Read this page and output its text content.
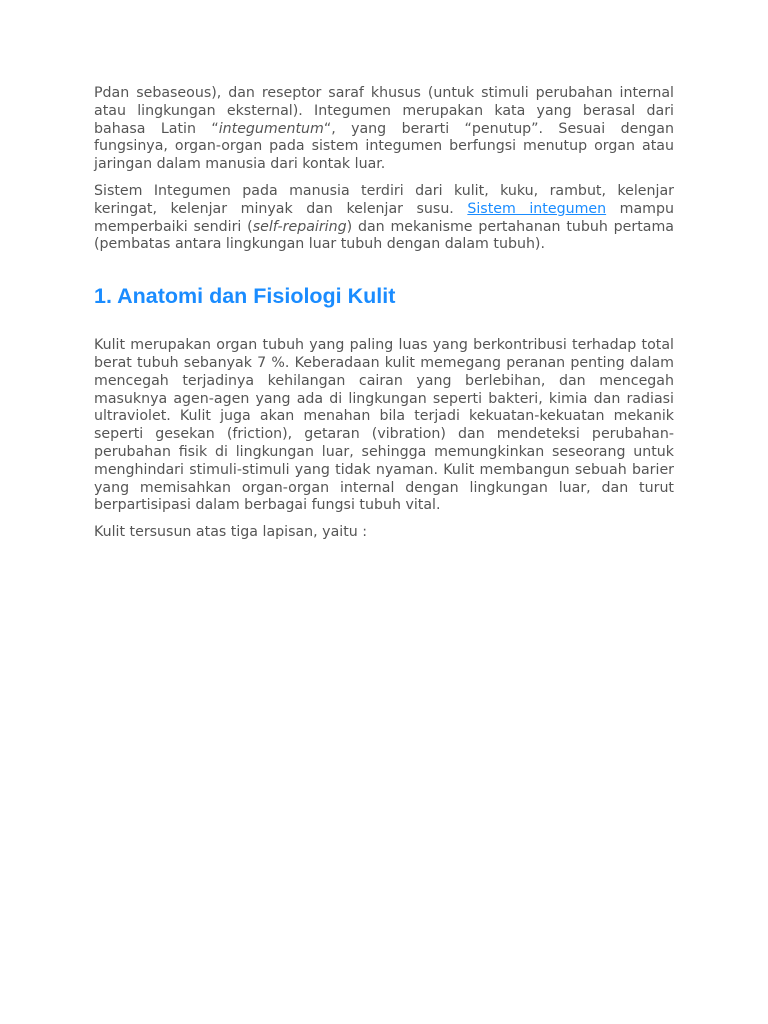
Pdan sebaseous), dan reseptor saraf khusus (untuk stimuli perubahan internal atau lingkungan eksternal). Integumen merupakan kata yang berasal dari bahasa Latin “integumentum“, yang berarti “penutup”. Sesuai dengan fungsinya, organ-organ pada sistem integumen berfungsi menutup organ atau jaringan dalam manusia dari kontak luar.

Sistem Integumen pada manusia terdiri dari kulit, kuku, rambut, kelenjar keringat, kelenjar minyak dan kelenjar susu. Sistem integumen mampu memperbaiki sendiri (self-repairing) dan mekanisme pertahanan tubuh pertama (pembatas antara lingkungan luar tubuh dengan dalam tubuh).

1. Anatomi dan Fisiologi Kulit

Kulit merupakan organ tubuh yang paling luas yang berkontribusi terhadap total berat tubuh sebanyak 7 %. Keberadaan kulit memegang peranan penting dalam mencegah terjadinya kehilangan cairan yang berlebihan, dan mencegah masuknya agen-agen yang ada di lingkungan seperti bakteri, kimia dan radiasi ultraviolet. Kulit juga akan menahan bila terjadi kekuatan-kekuatan mekanik seperti gesekan (friction), getaran (vibration) dan mendeteksi perubahan-perubahan fisik di lingkungan luar, sehingga memungkinkan seseorang untuk menghindari stimuli-stimuli yang tidak nyaman. Kulit membangun sebuah barier yang memisahkan organ-organ internal dengan lingkungan luar, dan turut berpartisipasi dalam berbagai fungsi tubuh vital.

Kulit tersusun atas tiga lapisan, yaitu :
